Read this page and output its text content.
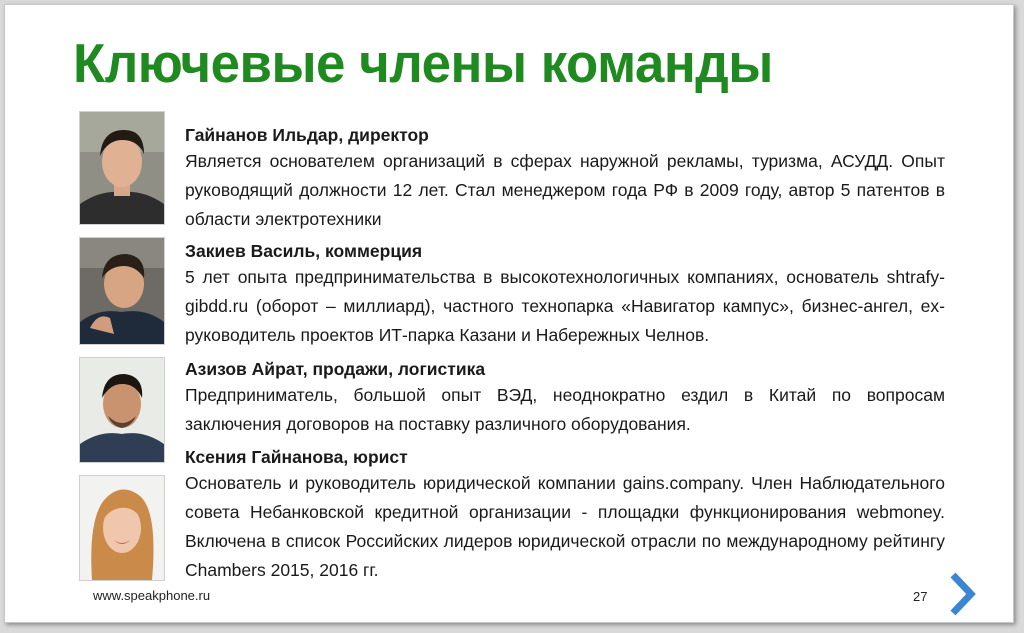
Ключевые члены команды
Гайнанов Ильдар, директор
Является основателем организаций в сферах наружной рекламы, туризма, АСУДД. Опыт руководящий должности 12 лет. Стал менеджером года РФ в 2009 году, автор 5 патентов в области электротехники
Закиев Василь, коммерция
5 лет опыта предпринимательства в высокотехнологичных компаниях, основатель shtrafy-gibdd.ru (оборот – миллиард), частного технопарка «Навигатор кампус», бизнес-ангел, ex-руководитель проектов ИТ-парка Казани и Набережных Челнов.
Азизов Айрат, продажи, логистика
Предприниматель, большой опыт ВЭД, неоднократно ездил в Китай по вопросам заключения договоров на поставку различного оборудования.
Ксения Гайнанова, юрист
Основатель и руководитель юридической компании gains.company. Член Наблюдательного совета Небанковской кредитной организации - площадки функционирования webmoney. Включена в список Российских лидеров юридической отрасли по международному рейтингу Chambers 2015, 2016 гг.
www.speakphone.ru	27
